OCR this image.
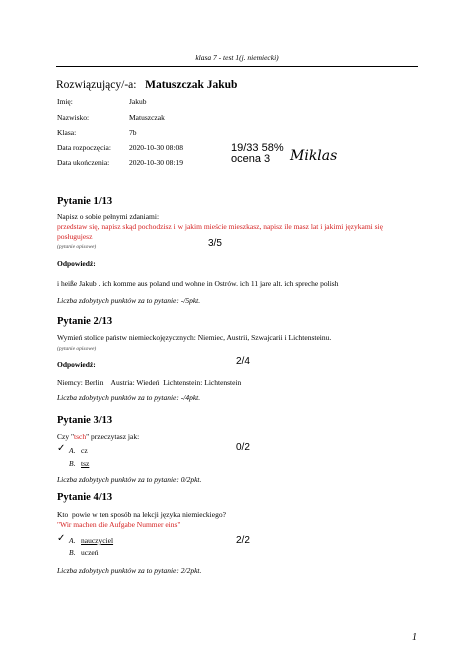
klasa 7 - test 1(j. niemiecki)
Rozwiązujący/-a: Matuszczak Jakub
Imię:	Jakub
Nazwisko:	Matuszczak
Klasa:	7b
Data rozpoczęcia: 2020-10-30 08:08
Data ukończenia:	2020-10-30 08:19
19/33 58%
ocena 3 Miklas
Pytanie 1/13
Napisz o sobie pełnymi zdaniami:
przedstaw się, napisz skąd pochodzisz i w jakim mieście mieszkasz, napisz ile masz lat i jakimi językami się
posługujesz
(pytanie opisowe)	3/5
Odpowiedź:
i heiße Jakub . ich komme aus poland und wohne in Ostrów. ich 11 jare alt. ich spreche polish
Liczba zdobytych punktów za to pytanie: -/5pkt.
Pytanie 2/13
Wymień stolice państw niemieckojęzycznych: Niemiec, Austrii, Szwajcarii i Lichtensteinu.
(pytanie opisowe)
2/4
Odpowiedź:
Niemcy: Berlin    Austria: Wiedeń  Lichtenstein: Lichtenstein
Liczba zdobytych punktów za to pytanie: -/4pkt.
Pytanie 3/13
Czy "tsch" przeczytasz jak:
✓ A. cz
B. tsz
0/2
Liczba zdobytych punktów za to pytanie: 0/2pkt.
Pytanie 4/13
Kto  powie w ten sposób na lekcji języka niemieckiego?
"Wir machen die Aufgabe Nummer eins"
✓ A. nauczyciel
B. uczeń
2/2
Liczba zdobytych punktów za to pytanie: 2/2pkt.
1
